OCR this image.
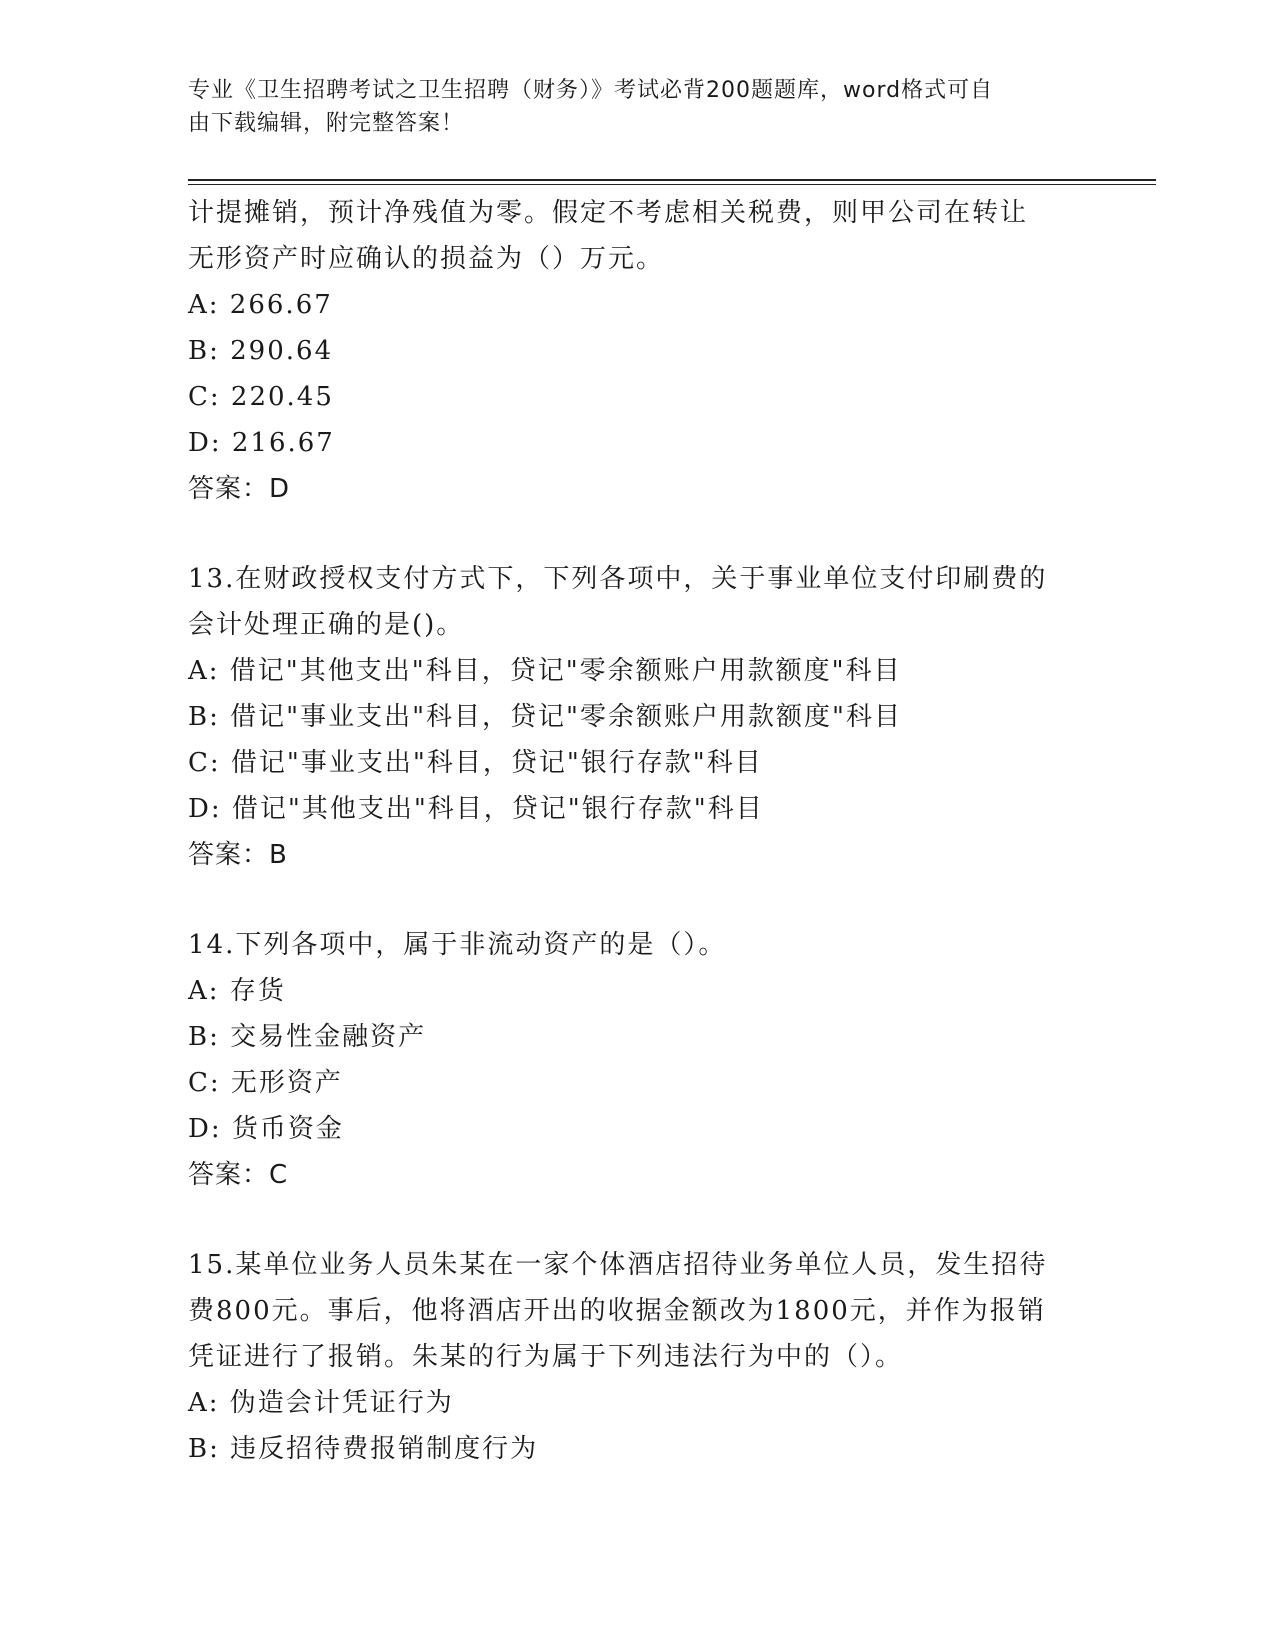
专业《卫生招聘考试之卫生招聘（财务）》考试必背200题题库，word格式可自
由下载编辑，附完整答案！
计提摊销，预计净残值为零。假定不考虑相关税费，则甲公司在转让
无形资产时应确认的损益为（）万元。
A: 266.67
B: 290.64
C: 220.45
D: 216.67
答案：D
13.在财政授权支付方式下，下列各项中，关于事业单位支付印刷费的
会计处理正确的是()。
A: 借记"其他支出"科目，贷记"零余额账户用款额度"科目
B: 借记"事业支出"科目，贷记"零余额账户用款额度"科目
C: 借记"事业支出"科目，贷记"银行存款"科目
D: 借记"其他支出"科目，贷记"银行存款"科目
答案：B
14.下列各项中，属于非流动资产的是（）。
A: 存货
B: 交易性金融资产
C: 无形资产
D: 货币资金
答案：C
15.某单位业务人员朱某在一家个体酒店招待业务单位人员，发生招待
费800元。事后，他将酒店开出的收据金额改为1800元，并作为报销
凭证进行了报销。朱某的行为属于下列违法行为中的（）。
A: 伪造会计凭证行为
B: 违反招待费报销制度行为
